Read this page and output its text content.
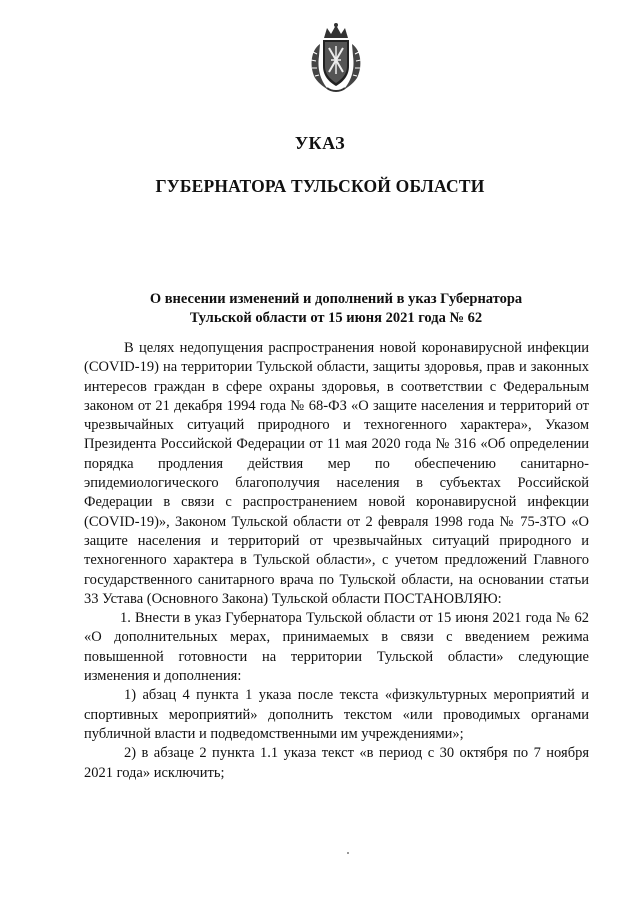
УКАЗ
ГУБЕРНАТОРА ТУЛЬСКОЙ ОБЛАСТИ
О внесении изменений и дополнений в указ Губернатора
Тульской области от 15 июня 2021 года № 62

В целях недопущения распространения новой коронавирусной инфекции (COVID-19) на территории Тульской области, защиты здоровья, прав и законных интересов граждан в сфере охраны здоровья, в соответствии с Федеральным законом от 21 декабря 1994 года № 68-ФЗ «О защите населения и территорий от чрезвычайных ситуаций природного и техногенного характера», Указом Президента Российской Федерации от 11 мая 2020 года № 316 «Об определении порядка продления действия мер по обеспечению санитарно-эпидемиологического благополучия населения в субъектах Российской Федерации в связи с распространением новой коронавирусной инфекции (COVID-19)», Законом Тульской области от 2 февраля 1998 года № 75-ЗТО «О защите населения и территорий от чрезвычайных ситуаций природного и техногенного характера в Тульской области», с учетом предложений Главного государственного санитарного врача по Тульской области, на основании статьи 33 Устава (Основного Закона) Тульской области ПОСТАНОВЛЯЮ:

1. Внести в указ Губернатора Тульской области от 15 июня 2021 года № 62 «О дополнительных мерах, принимаемых в связи с введением режима повышенной готовности на территории Тульской области» следующие изменения и дополнения:

1) абзац 4 пункта 1 указа после текста «физкультурных мероприятий и спортивных мероприятий» дополнить текстом «или проводимых органами публичной власти и подведомственными им учреждениями»;

2) в абзаце 2 пункта 1.1 указа текст «в период с 30 октября по 7 ноября 2021 года» исключить;
